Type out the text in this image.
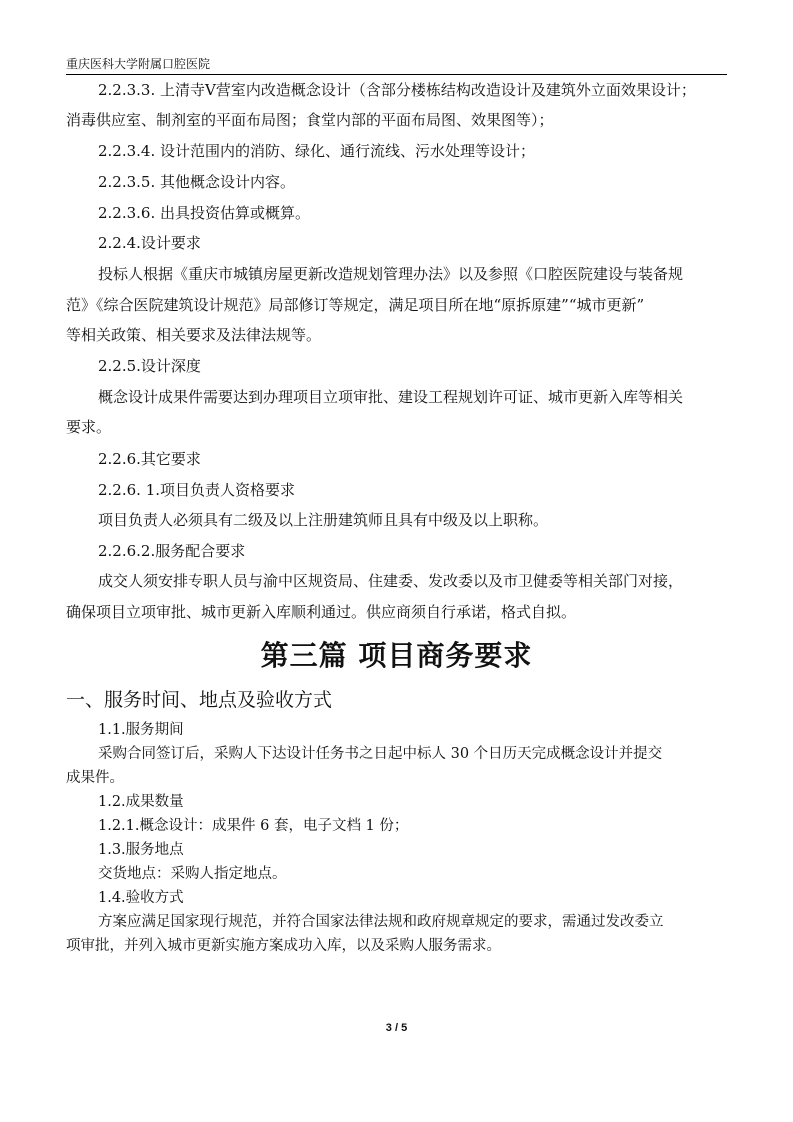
重庆医科大学附属口腔医院
2.2.3.3. 上清寺Ⅴ营室内改造概念设计（含部分楼栋结构改造设计及建筑外立面效果设计；
消毒供应室、制剂室的平面布局图；食堂内部的平面布局图、效果图等）；
2.2.3.4. 设计范围内的消防、绿化、通行流线、污水处理等设计；
2.2.3.5. 其他概念设计内容。
2.2.3.6. 出具投资估算或概算。
2.2.4.设计要求
投标人根据《重庆市城镇房屋更新改造规划管理办法》以及参照《口腔医院建设与装备规
范》《综合医院建筑设计规范》局部修订等规定，满足项目所在地“原拆原建”“城市更新”
等相关政策、相关要求及法律法规等。
2.2.5.设计深度
概念设计成果件需要达到办理项目立项审批、建设工程规划许可证、城市更新入库等相关
要求。
2.2.6.其它要求
2.2.6. 1.项目负责人资格要求
项目负责人必须具有二级及以上注册建筑师且具有中级及以上职称。
2.2.6.2.服务配合要求
成交人须安排专职人员与渝中区规资局、住建委、发改委以及市卫健委等相关部门对接，
确保项目立项审批、城市更新入库顺利通过。供应商须自行承诺，格式自拟。
第三篇 项目商务要求
一、服务时间、地点及验收方式
1.1.服务期间
采购合同签订后，采购人下达设计任务书之日起中标人 30 个日历天完成概念设计并提交
成果件。
1.2.成果数量
1.2.1.概念设计：成果件 6 套，电子文档 1 份；
1.3.服务地点
交货地点：采购人指定地点。
1.4.验收方式
方案应满足国家现行规范，并符合国家法律法规和政府规章规定的要求，需通过发改委立
项审批，并列入城市更新实施方案成功入库，以及采购人服务需求。
3 / 5
